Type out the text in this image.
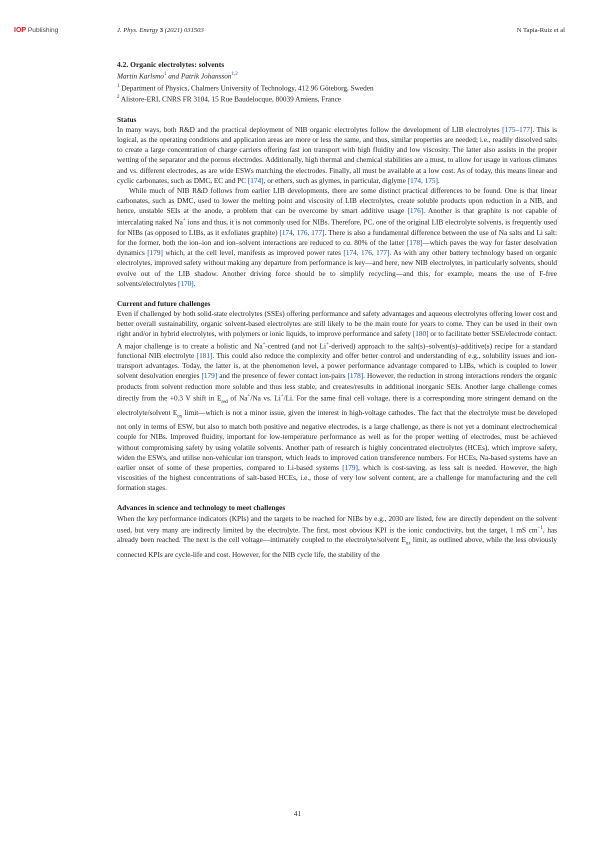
IOP Publishing	J. Phys. Energy 3 (2021) 031503	N Tapia-Ruiz et al

4.2. Organic electrolytes: solvents

Martin Karlsmo$^1$ and Patrik Johansson$^{1,2}$

$^1$ Department of Physics, Chalmers University of Technology, 412 96 Göteborg, Sweden

$^2$ Alistore-ERI, CNRS FR 3104, 15 Rue Baudelocque, 80039 Amiens, France

Status

In many ways, both R&D and the practical deployment of NIB organic electrolytes follow the development of LIB electrolytes [175–177]. This is logical, as the operating conditions and application areas are more or less the same, and thus, similar properties are needed; i.e., readily dissolved salts to create a large concentration of charge carriers offering fast ion transport with high fluidity and low viscosity. The latter also assists in the proper wetting of the separator and the porous electrodes. Additionally, high thermal and chemical stabilities are a must, to allow for usage in various climates and vs. different electrodes, as are wide ESWs matching the electrodes. Finally, all must be available at a low cost. As of today, this means linear and cyclic carbonates, such as DMC, EC and PC [174], or ethers, such as glymes, in particular, diglyme [174, 175].

While much of NIB R&D follows from earlier LIB developments, there are some distinct practical differences to be found. One is that linear carbonates, such as DMC, used to lower the melting point and viscosity of LIB electrolytes, create soluble products upon reduction in a NIB, and hence, unstable SEIs at the anode, a problem that can be overcome by smart additive usage [176]. Another is that graphite is not capable of intercalating naked Na+ ions and thus, it is not commonly used for NIBs. Therefore, PC, one of the original LIB electrolyte solvents, is frequently used for NIBs (as opposed to LIBs, as it exfoliates graphite) [174, 176, 177]. There is also a fundamental difference between the use of Na salts and Li salt: for the former, both the ion–ion and ion–solvent interactions are reduced to ca. 80% of the latter [178]—which paves the way for faster desolvation dynamics [179] which, at the cell level, manifests as improved power rates [174, 176, 177]. As with any other battery technology based on organic electrolytes, improved safety without making any departure from performance is key—and here, new NIB electrolytes, in particularly solvents, should evolve out of the LIB shadow. Another driving force should be to simplify recycling—and this, for example, means the use of F-free solvents/electrolytes [170].

Current and future challenges

Even if challenged by both solid-state electrolytes (SSEs) offering performance and safety advantages and aqueous electrolytes offering lower cost and better overall sustainability, organic solvent-based electrolytes are still likely to be the main route for years to come. They can be used in their own right and/or in hybrid electrolytes, with polymers or ionic liquids, to improve performance and safety [180] or to facilitate better SSE/electrode contact. A major challenge is to create a holistic and Na+-centred (and not Li+-derived) approach to the salt(s)–solvent(s)–additive(s) recipe for a standard functional NIB electrolyte [181]. This could also reduce the complexity and offer better control and understanding of e.g., solubility issues and ion-transport advantages. Today, the latter is, at the phenomenon level, a power performance advantage compared to LIBs, which is coupled to lower solvent desolvation energies [179] and the presence of fewer contact ion-pairs [178]. However, the reduction in strong interactions renders the organic products from solvent reduction more soluble and thus less stable, and creates/results in additional inorganic SEIs. Another large challenge comes directly from the +0.3 V shift in $E_{red}$ of Na+/Na vs. Li+/Li. For the same final cell voltage, there is a corresponding more stringent demand on the electrolyte/solvent $E_{ox}$ limit—which is not a minor issue, given the interest in high-voltage cathodes. The fact that the electrolyte must be developed not only in terms of ESW, but also to match both positive and negative electrodes, is a large challenge, as there is not yet a dominant electrochemical couple for NIBs. Improved fluidity, important for low-temperature performance as well as for the proper wetting of electrodes, must be achieved without compromising safety by using volatile solvents. Another path of research is highly concentrated electrolytes (HCEs), which improve safety, widen the ESWs, and utilise non-vehicular ion transport, which leads to improved cation transference numbers. For HCEs, Na-based systems have an earlier onset of some of these properties, compared to Li-based systems [179], which is cost-saving, as less salt is needed. However, the high viscosities of the highest concentrations of salt-based HCEs, i.e., those of very low solvent content, are a challenge for manufacturing and the cell formation stages.

Advances in science and technology to meet challenges

When the key performance indicators (KPIs) and the targets to be reached for NIBs by e.g., 2030 are listed, few are directly dependent on the solvent used, but very many are indirectly limited by the electrolyte. The first, most obvious KPI is the ionic conductivity, but the target, 1 mS $cm^{-1}$, has already been reached. The next is the cell voltage—intimately coupled to the electrolyte/solvent $E_{ox}$ limit, as outlined above, while the less obviously connected KPIs are cycle-life and cost. However, for the NIB cycle life, the stability of the

41
